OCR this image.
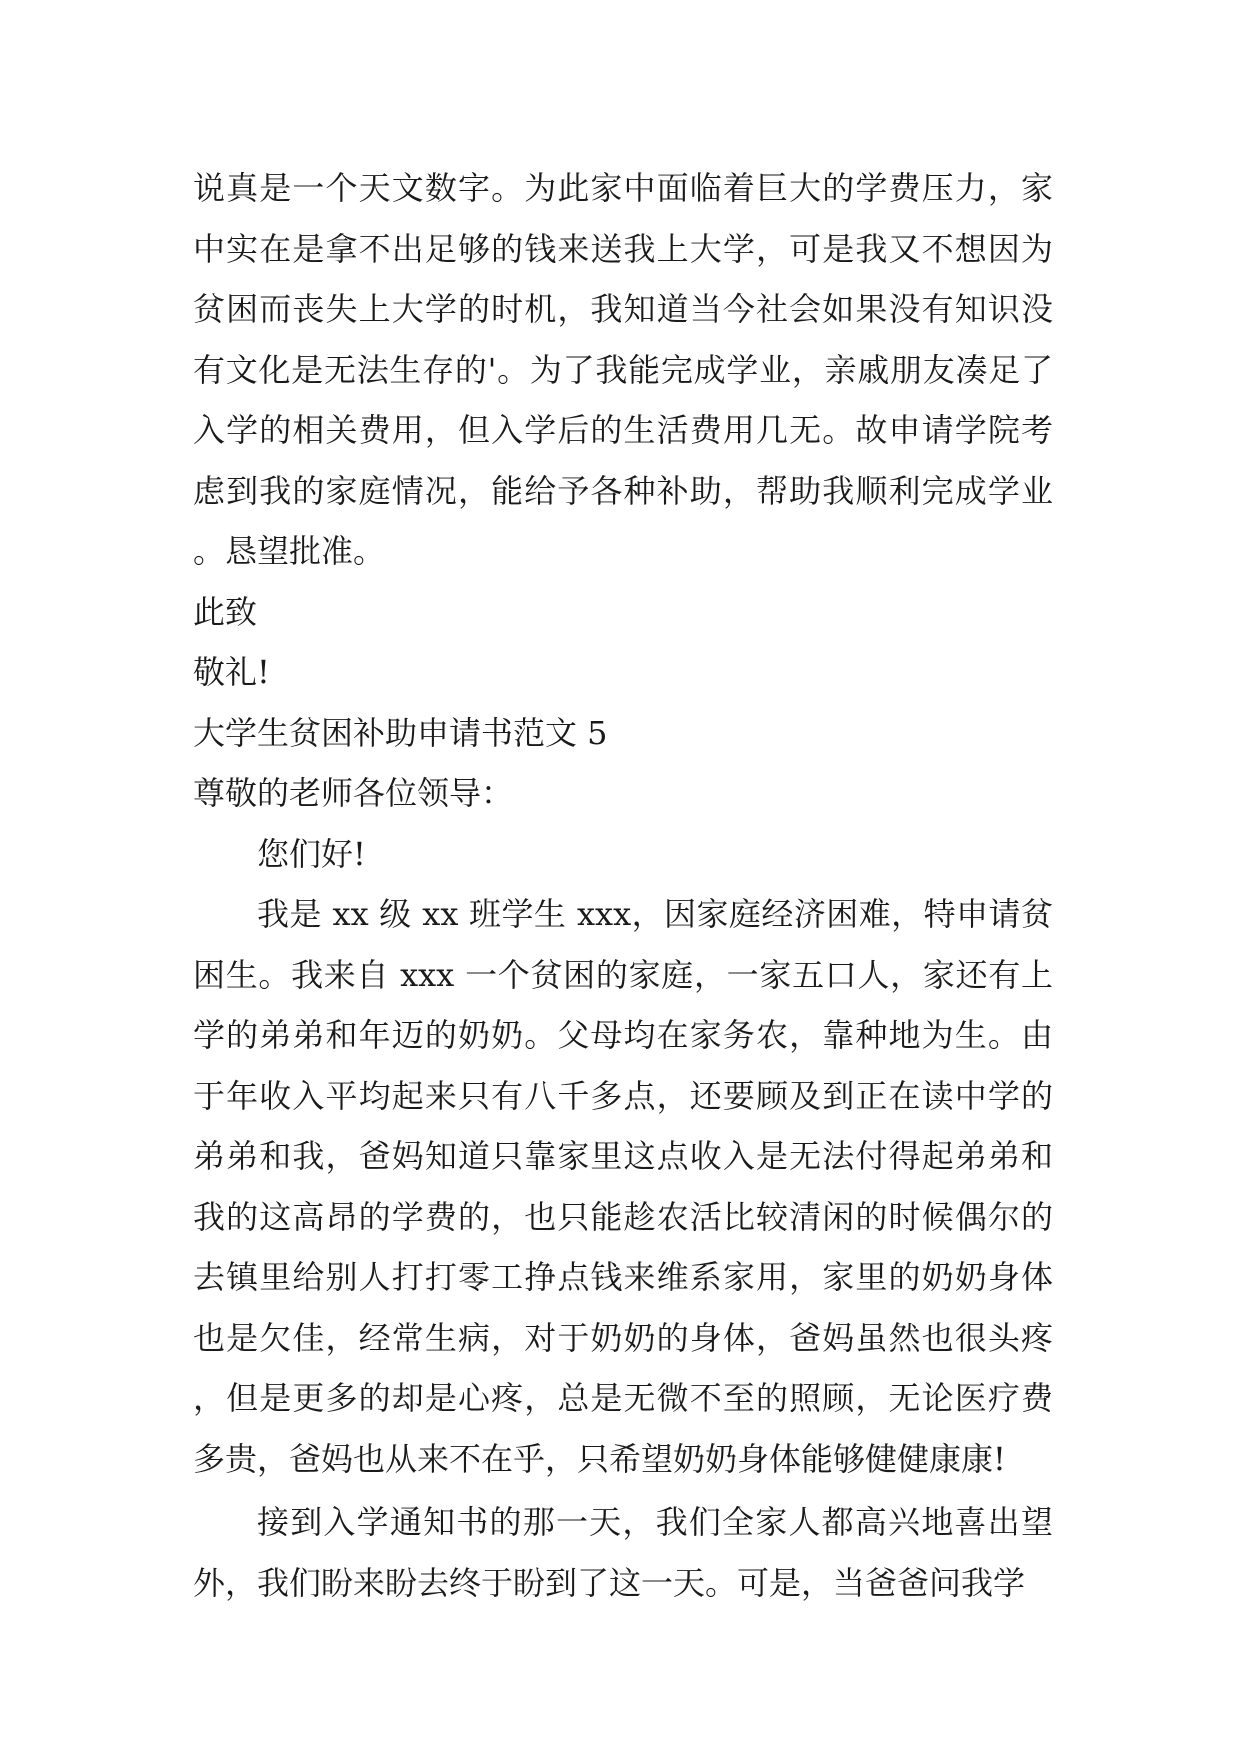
说真是一个天文数字。为此家中面临着巨大的学费压力，家中实在是拿不出足够的钱来送我上大学，可是我又不想因为贫困而丧失上大学的时机，我知道当今社会如果没有知识没有文化是无法生存的'。为了我能完成学业，亲戚朋友凑足了入学的相关费用，但入学后的生活费用几无。故申请学院考虑到我的家庭情况，能给予各种补助，帮助我顺利完成学业。恳望批准。

此致

敬礼!

大学生贫困补助申请书范文 5

尊敬的老师各位领导：

您们好!

我是 xx 级 xx 班学生 xxx，因家庭经济困难，特申请贫困生。我来自 xxx 一个贫困的家庭，一家五口人，家还有上学的弟弟和年迈的奶奶。父母均在家务农，靠种地为生。由于年收入平均起来只有八千多点，还要顾及到正在读中学的弟弟和我，爸妈知道只靠家里这点收入是无法付得起弟弟和我的这高昂的学费的，也只能趁农活比较清闲的时候偶尔的去镇里给别人打打零工挣点钱来维系家用，家里的奶奶身体也是欠佳，经常生病，对于奶奶的身体，爸妈虽然也很头疼，但是更多的却是心疼，总是无微不至的照顾，无论医疗费多贵，爸妈也从来不在乎，只希望奶奶身体能够健健康康!

接到入学通知书的那一天，我们全家人都高兴地喜出望外，我们盼来盼去终于盼到了这一天。可是，当爸爸问我学
